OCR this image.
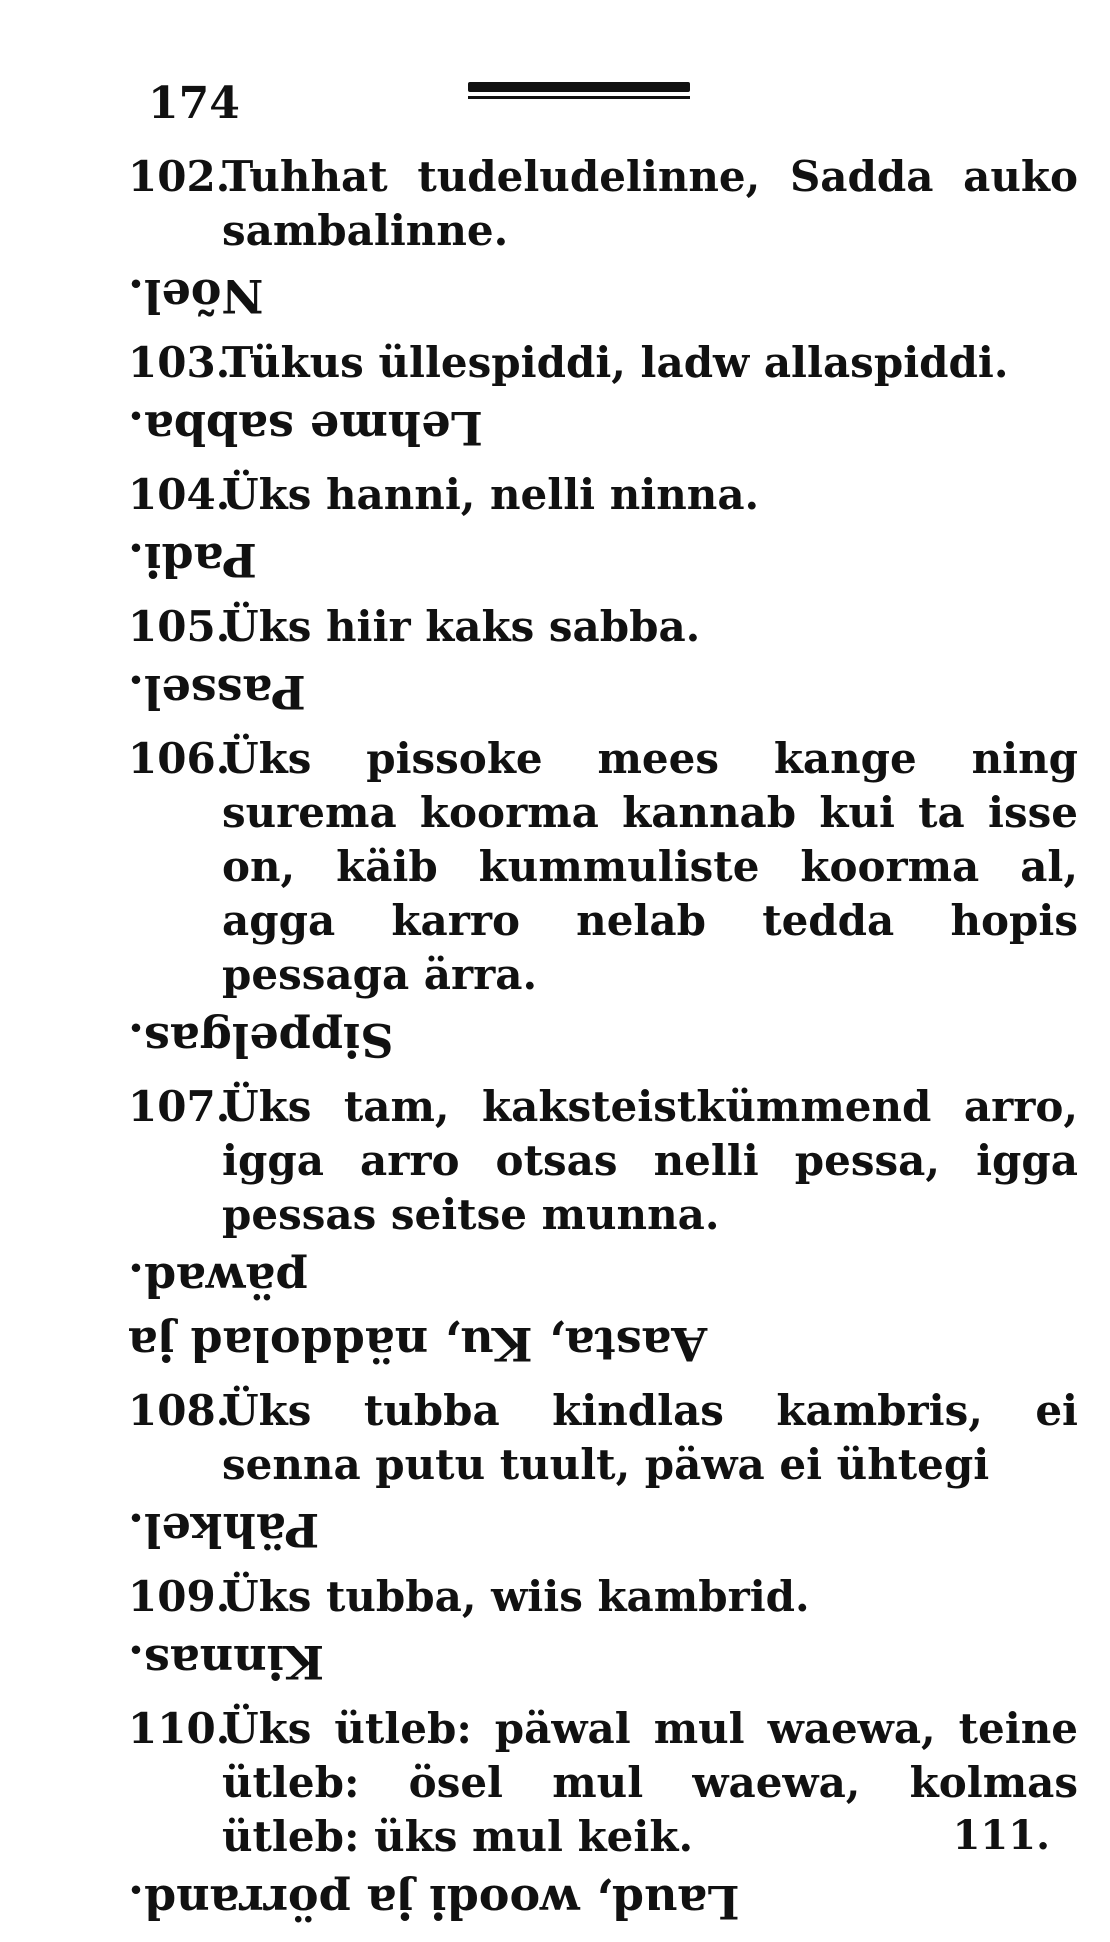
174
102.
Tuhhat tudeludelinne, Sadda auko sambalinne.
Nõel.
103.
Tükus üllespiddi, ladw allaspiddi.
Lehme sabba.
104.
Üks hanni, nelli ninna.
Padi.
105.
Üks hiir kaks sabba.
Passel.
106.
Üks pissoke mees kange ning surema koorma kannab kui ta isse on, käib kummuliste koorma al, agga karro nelab tedda hopis pessaga ärra.
Sippelgas.
107.
Üks tam, kaksteistkümmend arro, igga arro otsas nelli pessa, igga pessas seitse munna.
Aasta, Ku, näddolad ja päwad.
108.
Üks tubba kindlas kambris, ei senna putu tuult, päwa ei ühtegi
Pähkel.
109.
Üks tubba, wiis kambrid.
Kinnas.
110.
Üks ütleb: päwal mul waewa, teine ütleb: ösel mul waewa, kolmas ütleb: üks mul keik.
Laud, woodi ja pörrand.
111.
